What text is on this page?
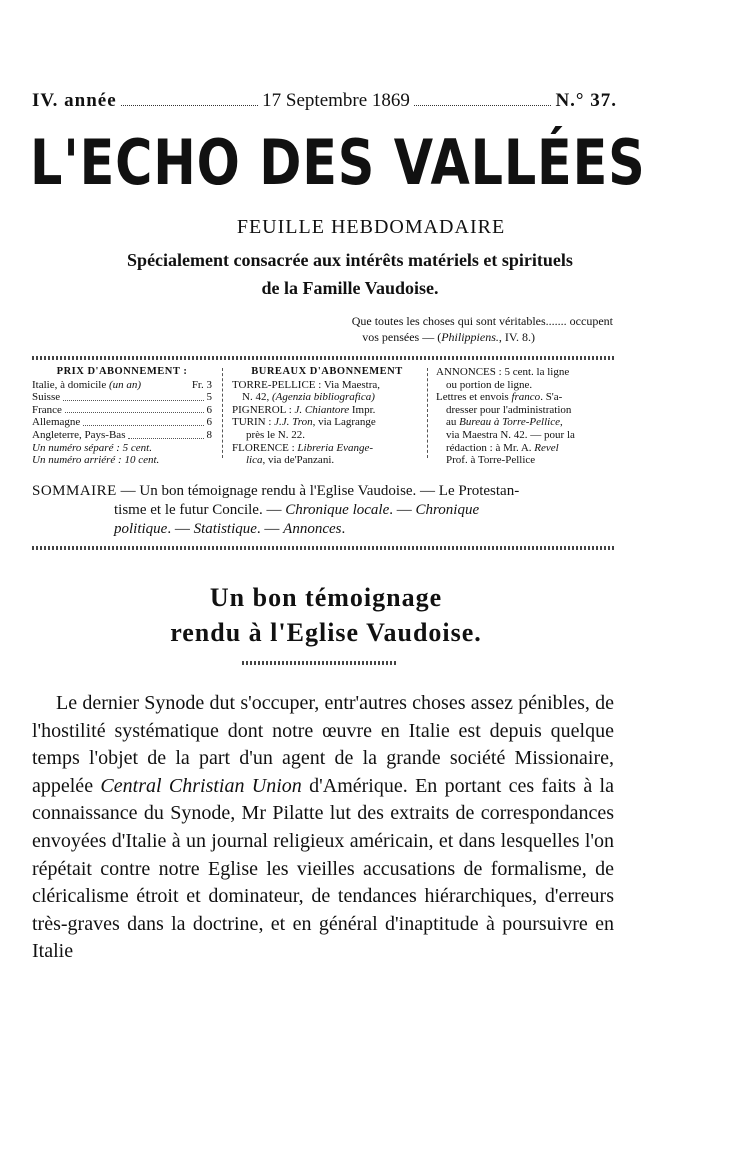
IV. année	17 Septembre 1869	N.° 37.
L'ECHO DES VALLÉES
FEUILLE HEBDOMADAIRE
Spécialement consacrée aux intérêts matériels et spirituels
de la Famille Vaudoise.
Que toutes les choses qui sont véritables....... occupent

vos pensées — (Philippiens., IV. 8.)
PRIX D'ABONNEMENT :
Italie, à domicile (un an)	Fr. 3
Suisse	5
France	6
Allemagne	6
Angleterre, Pays-Bas	8
Un numéro séparé : 5 cent.
Un numéro arriéré : 10 cent.
BUREAUX D'ABONNEMENT
TORRE-PELLICE : Via Maestra,
N. 42, (Agenzia bibliografica)
PIGNEROL : J. Chiantore Impr.
TURIN : J.J. Tron, via Lagrange
près le N. 22.
FLORENCE : Libreria Evange-
lica, via de'Panzani.
ANNONCES : 5 cent. la ligne
ou portion de ligne.
Lettres et envois franco. S'a-
dresser pour l'administration
au Bureau à Torre-Pellice,
via Maestra N. 42. — pour la
rédaction : à Mr. A. Revel
Prof. à Torre-Pellice
SOMMAIRE — Un bon témoignage rendu à l'Eglise Vaudoise. — Le Protestan-
tisme et le futur Concile. — Chronique locale. — Chronique
politique. — Statistique. — Annonces.
Un bon témoignage
rendu à l'Eglise Vaudoise.

Le dernier Synode dut s'occuper, entr'autres choses assez pénibles, de l'hostilité systématique dont notre œuvre en Italie est depuis quelque temps l'objet de la part d'un agent de la grande société Missionaire, appelée Central Christian Union d'Amérique. En portant ces faits à la connaissance du Synode, Mr Pilatte lut des extraits de correspondances envoyées d'Italie à un journal religieux américain, et dans lesquelles l'on répétait contre notre Eglise les vieilles accusations de formalisme, de cléricalisme étroit et dominateur, de tendances hiérarchiques, d'erreurs très-graves dans la doctrine, et en général d'inaptitude à poursuivre en Italie
